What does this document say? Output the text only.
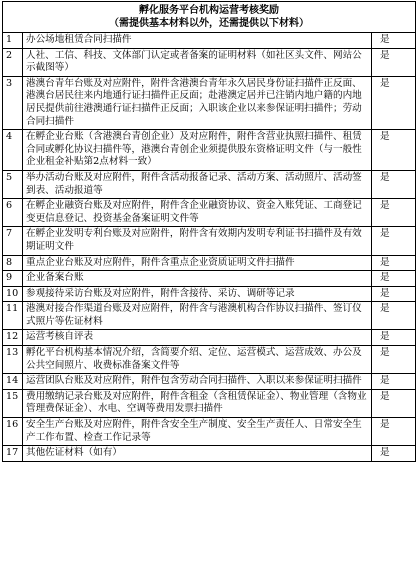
孵化服务平台机构运营考核奖励
（需提供基本材料以外，还需提供以下材料）		

1	办公场地租赁合同扫描件	是
2	人社、工信、科技、文体部门认定或者备案的证明材料（如社区头文件、网站公示截图等）	是
3	港澳台青年台账及对应附件，附件含港澳台青年永久居民身份证扫描件正反面、港澳台居民往来内地通行证扫描件正反面；赴港澳定居并已注销内地户籍的内地居民提供前往港澳通行证扫描件正反面；入职该企业以来参保证明扫描件；劳动合同扫描件	是
4	在孵企业台账（含港澳台青创企业）及对应附件，附件含营业执照扫描件、租赁合同或孵化协议扫描件等，港澳台青创企业须提供股东资格证明文件（与一般性企业租金补贴第2点材料一致）	是
5	举办活动台账及对应附件，附件含活动报备记录、活动方案、活动照片、活动签到表、活动报道等	是
6	在孵企业融资台账及对应附件，附件含企业融资协议、资金入账凭证、工商登记变更信息登记、投资基金备案证明文件等	是
7	在孵企业发明专利台账及对应附件，附件含有效期内发明专利证书扫描件及有效期证明文件	是
8	重点企业台账及对应附件，附件含重点企业资质证明文件扫描件	是
9	企业备案台账	是
10	参观接待采访台账及对应附件，附件含接待、采访、调研等记录	是
11	港澳对接合作渠道台账及对应附件，附件含与港澳机构合作协议扫描件、签订仪式照片等佐证材料	是
12	运营考核自评表	是
13	孵化平台机构基本情况介绍，含简要介绍、定位、运营模式、运营成效、办公及公共空间照片、收费标准备案文件等	是
14	运营团队台账及对应附件，附件包含劳动合同扫描件、入职以来参保证明扫描件	是
15	费用缴纳记录台账及对应附件，附件含租金（含租赁保证金）、物业管理（含物业管理费保证金）、水电、空调等费用发票扫描件	是
16	安全生产台账及对应附件，附件含安全生产制度、安全生产责任人、日常安全生产工作布置、检查工作记录等	是
17	其他佐证材料（如有）	是
